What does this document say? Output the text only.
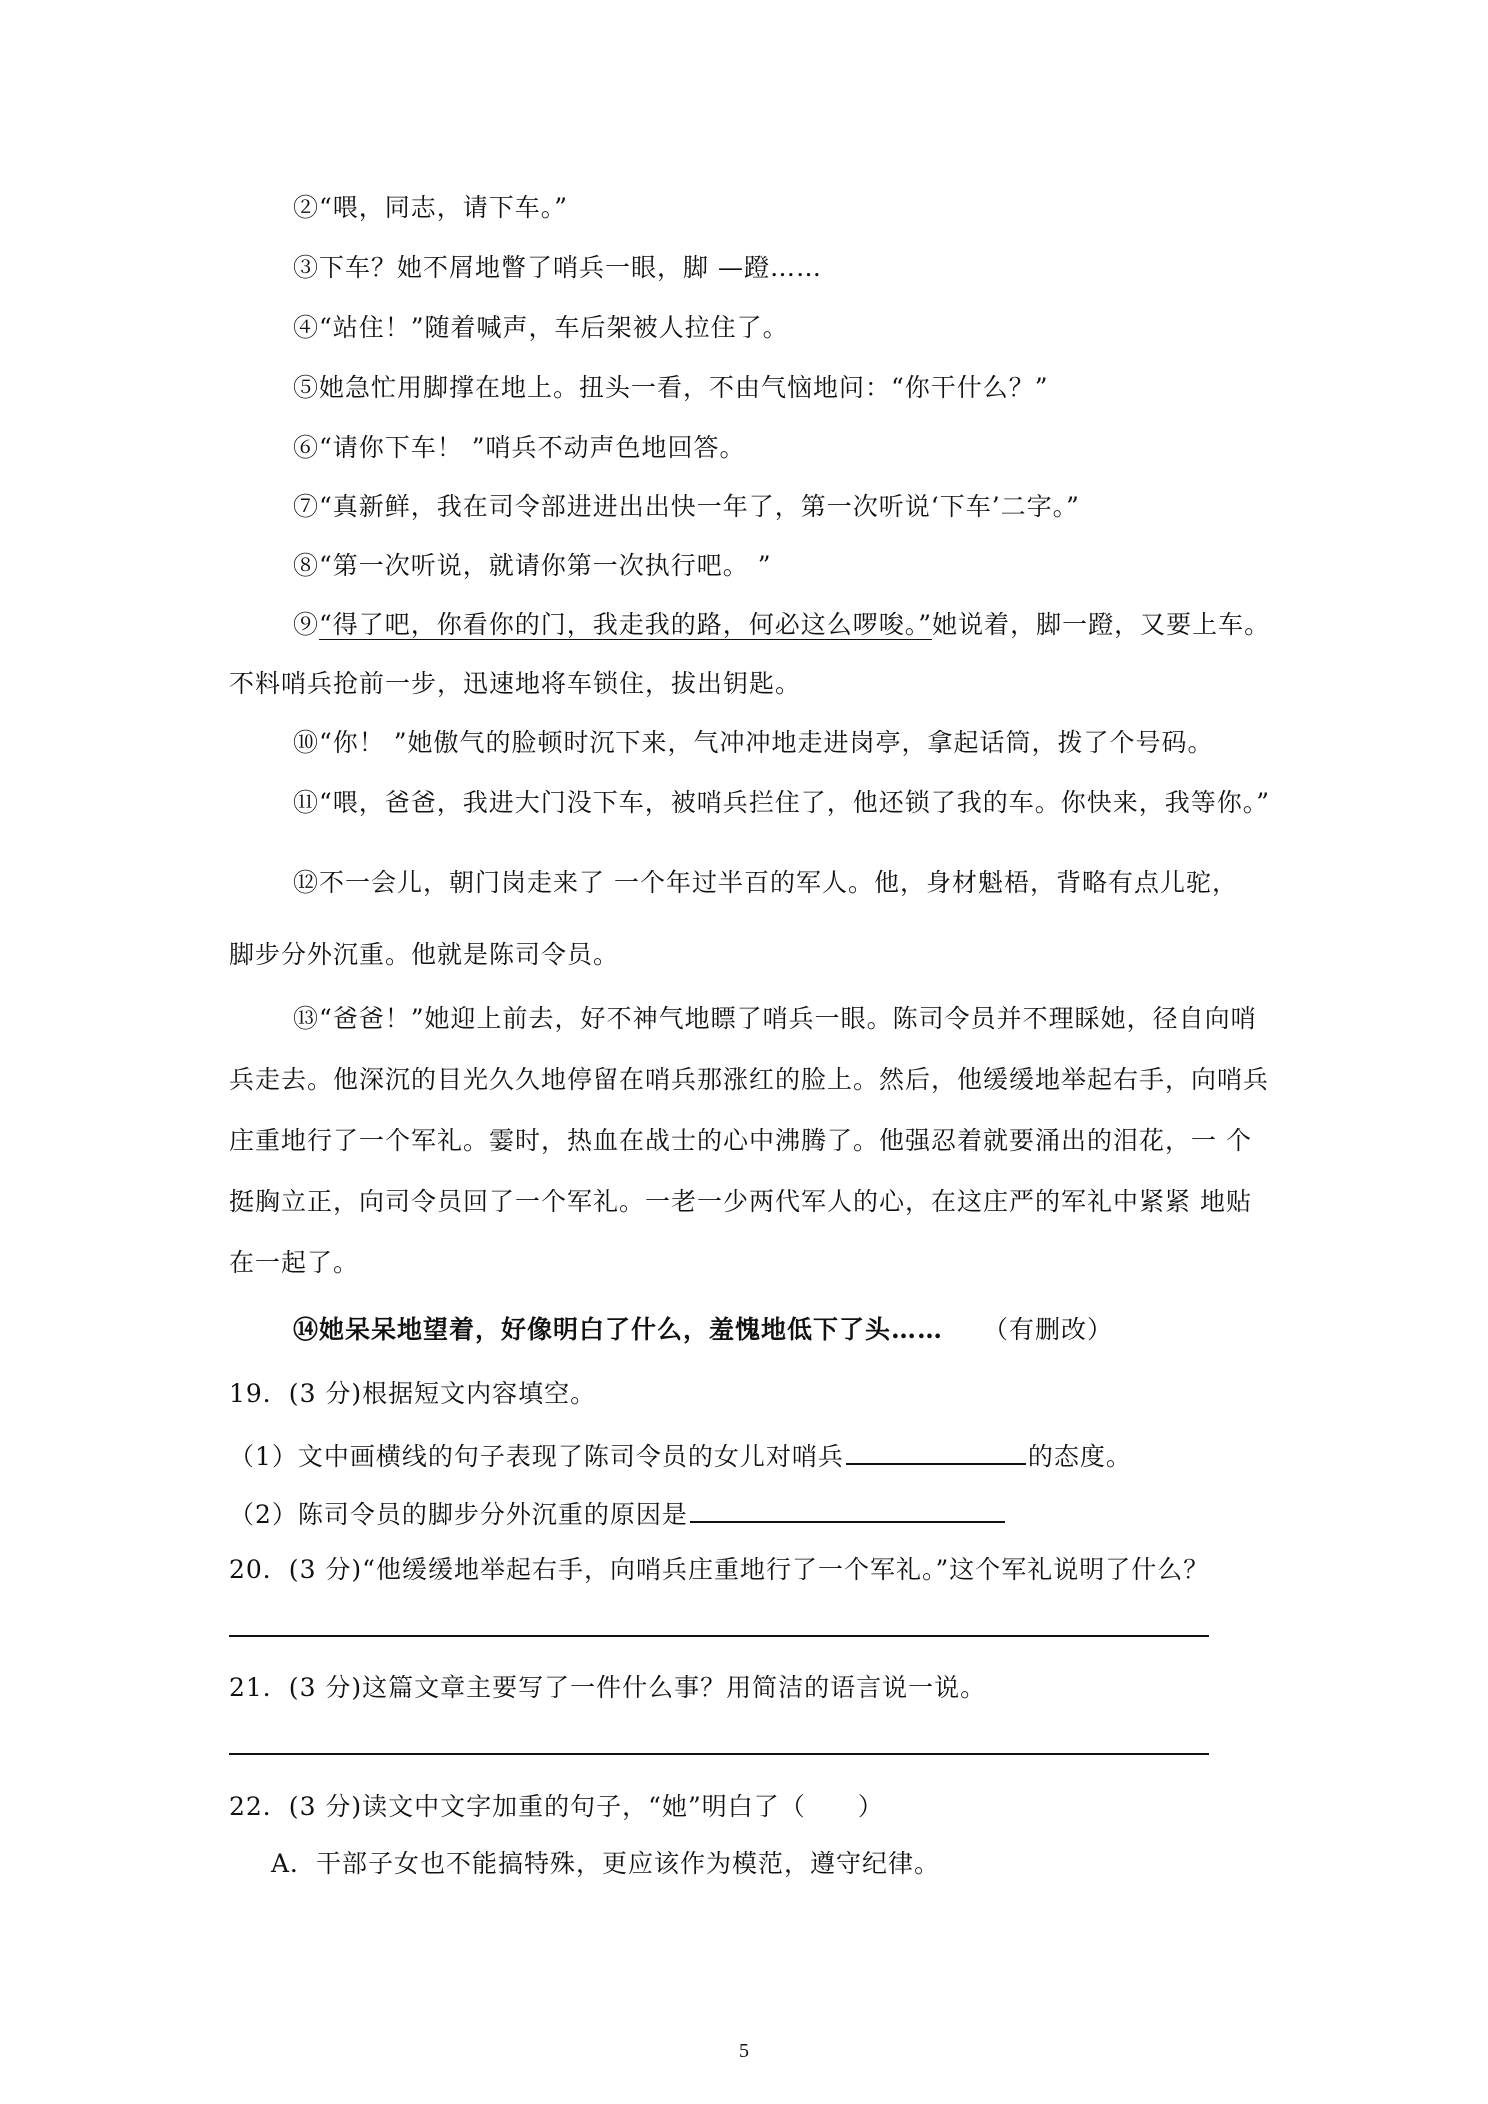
②“喂，同志，请下车。”
③下车？她不屑地瞥了哨兵一眼，脚 —蹬……
④“站住！”随着喊声，车后架被人拉住了。
⑤她急忙用脚撑在地上。扭头一看，不由气恼地问：“你干什么？”
⑥“请你下车！ ”哨兵不动声色地回答。
⑦“真新鲜，我在司令部进进出出快一年了，第一次听说‘下车’二字。”
⑧“第一次听说，就请你第一次执行吧。 ”
⑨“得了吧，你看你的门，我走我的路，何必这么啰唆。”她说着，脚一蹬，又要上车。
不料哨兵抢前一步，迅速地将车锁住，拔出钥匙。
⑩“你！ ”她傲气的脸顿时沉下来，气冲冲地走进岗亭，拿起话筒，拨了个号码。
⑪“喂，爸爸，我进大门没下车，被哨兵拦住了，他还锁了我的车。你快来，我等你。”
⑫不一会儿，朝门岗走来了 一个年过半百的军人。他，身材魁梧，背略有点儿驼，
脚步分外沉重。他就是陈司令员。
⑬“爸爸！”她迎上前去，好不神气地瞟了哨兵一眼。陈司令员并不理睬她，径自向哨
兵走去。他深沉的目光久久地停留在哨兵那涨红的脸上。然后，他缓缓地举起右手，向哨兵
庄重地行了一个军礼。霎时，热血在战士的心中沸腾了。他强忍着就要涌出的泪花，一 个
挺胸立正，向司令员回了一个军礼。一老一少两代军人的心，在这庄严的军礼中紧紧 地贴
在一起了。
⑭她呆呆地望着，好像明白了什么，羞愧地低下了头…… （有删改）
19．(3 分)根据短文内容填空。
（1）文中画横线的句子表现了陈司令员的女儿对哨兵	的态度。
（2）陈司令员的脚步分外沉重的原因是
20．(3 分)“他缓缓地举起右手，向哨兵庄重地行了一个军礼。”这个军礼说明了什么？
21．(3 分)这篇文章主要写了一件什么事？用简洁的语言说一说。
22．(3 分)读文中文字加重的句子，“她”明白了（　　）
A．干部子女也不能搞特殊，更应该作为模范，遵守纪律。
5
